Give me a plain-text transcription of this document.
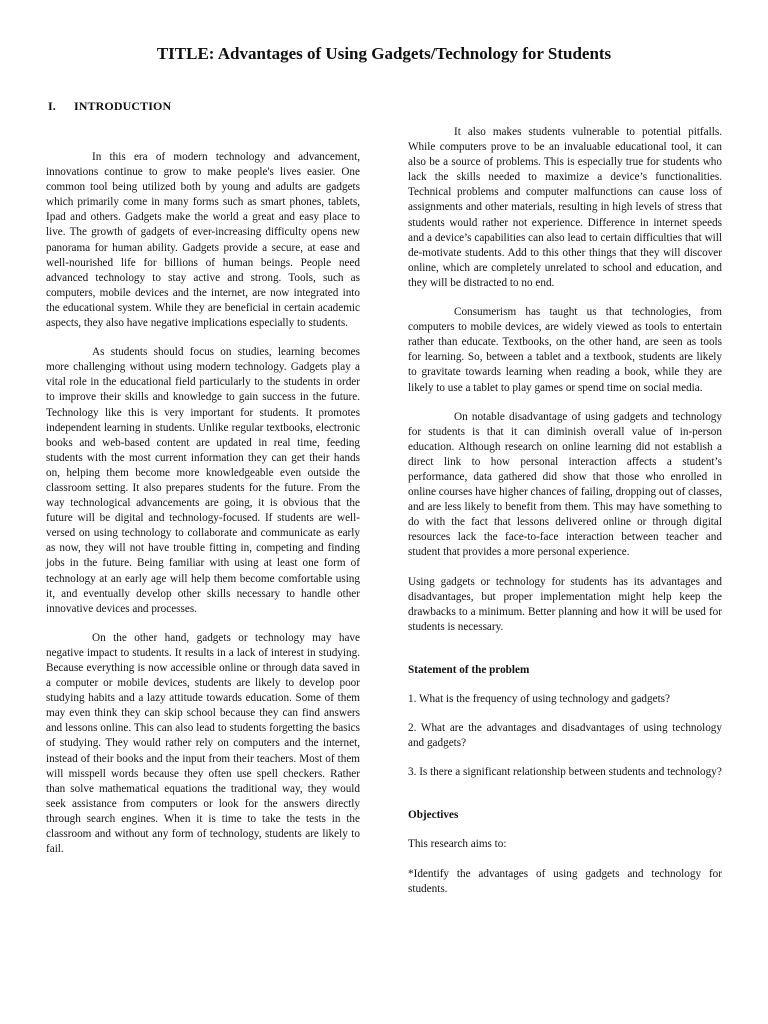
TITLE: Advantages of Using Gadgets/Technology for Students
I. INTRODUCTION

In this era of modern technology and advancement, innovations continue to grow to make people's lives easier. One common tool being utilized both by young and adults are gadgets which primarily come in many forms such as smart phones, tablets, Ipad and others. Gadgets make the world a great and easy place to live. The growth of gadgets of ever-increasing difficulty opens new panorama for human ability. Gadgets provide a secure, at ease and well-nourished life for billions of human beings. People need advanced technology to stay active and strong. Tools, such as computers, mobile devices and the internet, are now integrated into the educational system. While they are beneficial in certain academic aspects, they also have negative implications especially to students.

As students should focus on studies, learning becomes more challenging without using modern technology. Gadgets play a vital role in the educational field particularly to the students in order to improve their skills and knowledge to gain success in the future. Technology like this is very important for students. It promotes independent learning in students. Unlike regular textbooks, electronic books and web-based content are updated in real time, feeding students with the most current information they can get their hands on, helping them become more knowledgeable even outside the classroom setting. It also prepares students for the future. From the way technological advancements are going, it is obvious that the future will be digital and technology-focused. If students are well-versed on using technology to collaborate and communicate as early as now, they will not have trouble fitting in, competing and finding jobs in the future. Being familiar with using at least one form of technology at an early age will help them become comfortable using it, and eventually develop other skills necessary to handle other innovative devices and processes.

On the other hand, gadgets or technology may have negative impact to students. It results in a lack of interest in studying. Because everything is now accessible online or through data saved in a computer or mobile devices, students are likely to develop poor studying habits and a lazy attitude towards education. Some of them may even think they can skip school because they can find answers and lessons online. This can also lead to students forgetting the basics of studying. They would rather rely on computers and the internet, instead of their books and the input from their teachers. Most of them will misspell words because they often use spell checkers. Rather than solve mathematical equations the traditional way, they would seek assistance from computers or look for the answers directly through search engines. When it is time to take the tests in the classroom and without any form of technology, students are likely to fail.

It also makes students vulnerable to potential pitfalls. While computers prove to be an invaluable educational tool, it can also be a source of problems. This is especially true for students who lack the skills needed to maximize a device’s functionalities. Technical problems and computer malfunctions can cause loss of assignments and other materials, resulting in high levels of stress that students would rather not experience. Difference in internet speeds and a device’s capabilities can also lead to certain difficulties that will de-motivate students. Add to this other things that they will discover online, which are completely unrelated to school and education, and they will be distracted to no end.

Consumerism has taught us that technologies, from computers to mobile devices, are widely viewed as tools to entertain rather than educate. Textbooks, on the other hand, are seen as tools for learning. So, between a tablet and a textbook, students are likely to gravitate towards learning when reading a book, while they are likely to use a tablet to play games or spend time on social media.

On notable disadvantage of using gadgets and technology for students is that it can diminish overall value of in-person education. Although research on online learning did not establish a direct link to how personal interaction affects a student’s performance, data gathered did show that those who enrolled in online courses have higher chances of failing, dropping out of classes, and are less likely to benefit from them. This may have something to do with the fact that lessons delivered online or through digital resources lack the face-to-face interaction between teacher and student that provides a more personal experience.

Using gadgets or technology for students has its advantages and disadvantages, but proper implementation might help keep the drawbacks to a minimum. Better planning and how it will be used for students is necessary.

Statement of the problem

1. What is the frequency of using technology and gadgets?

2. What are the advantages and disadvantages of using technology and gadgets?

3. Is there a significant relationship between students and technology?

Objectives

This research aims to:

*Identify the advantages of using gadgets and technology for students.
